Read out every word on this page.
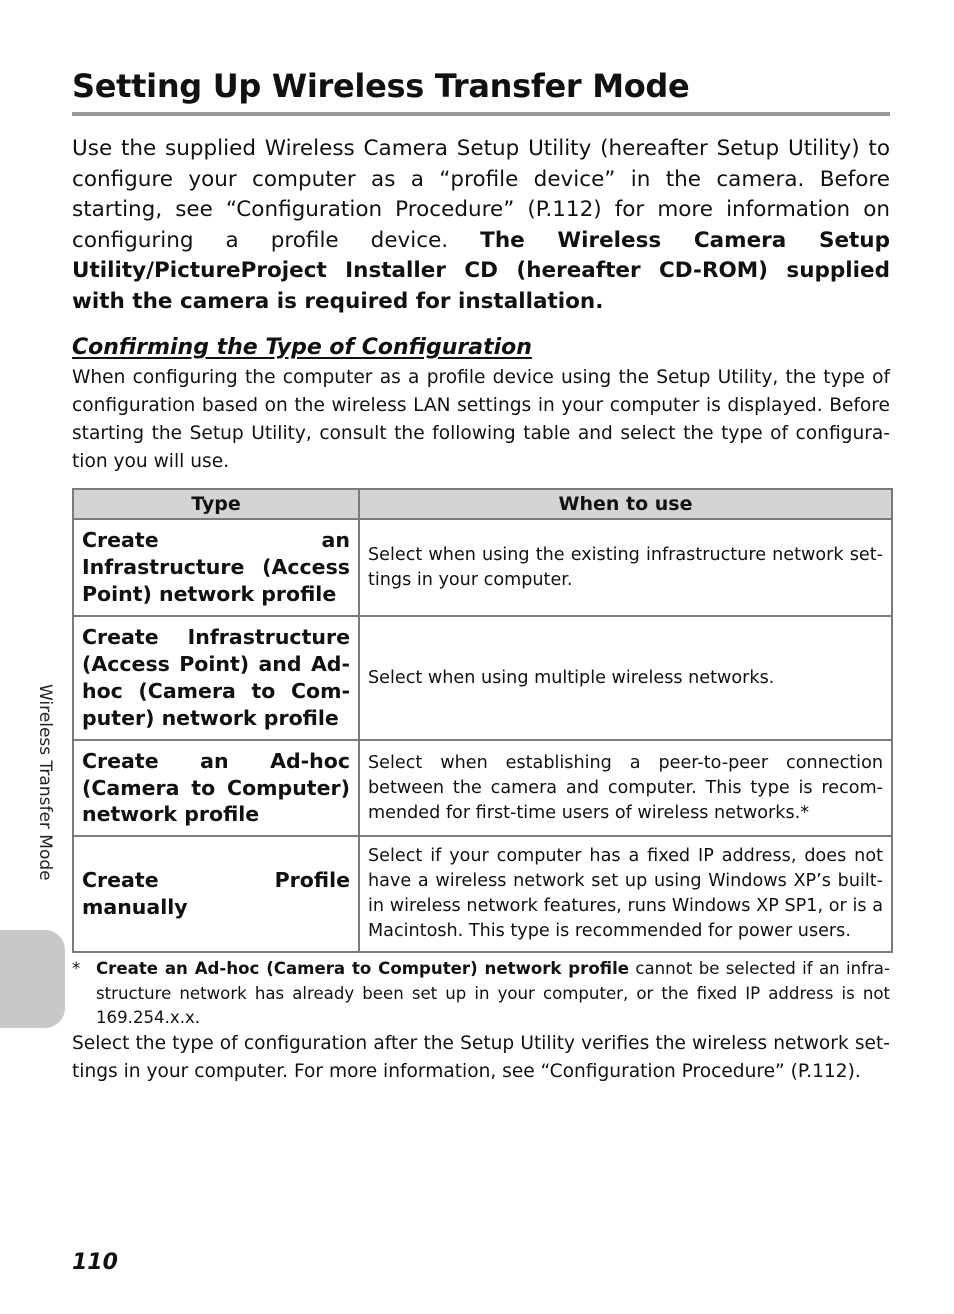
Setting Up Wireless Transfer Mode

Use the supplied Wireless Camera Setup Utility (hereafter Setup Utility) to configure your computer as a “profile device” in the camera. Before starting, see “Configuration Procedure” (P.112) for more information on configuring a profile device. The Wireless Camera Setup Utility/PictureProject Installer CD (hereafter CD-ROM) supplied with the camera is required for installation.

Confirming the Type of Configuration

When configuring the computer as a profile device using the Setup Utility, the type of configuration based on the wireless LAN settings in your computer is displayed. Before starting the Setup Utility, consult the following table and select the type of configuration you will use.

Type	When to use
Create an Infrastructure (Access Point) network profile	Select when using the existing infrastructure network settings in your computer.
Create Infrastructure (Access Point) and Ad-hoc (Camera to Computer) network profile	Select when using multiple wireless networks.
Create an Ad-hoc (Camera to Computer) network profile	Select when establishing a peer-to-peer connection between the camera and computer. This type is recommended for first-time users of wireless networks.*
Create Profile manually	Select if your computer has a fixed IP address, does not have a wireless network set up using Windows XP’s built-in wireless network features, runs Windows XP SP1, or is a Macintosh. This type is recommended for power users.
* Create an Ad-hoc (Camera to Computer) network profile cannot be selected if an infrastructure network has already been set up in your computer, or the fixed IP address is not 169.254.x.x.

Select the type of configuration after the Setup Utility verifies the wireless network settings in your computer. For more information, see “Configuration Procedure” (P.112).

Wireless Transfer Mode
110
